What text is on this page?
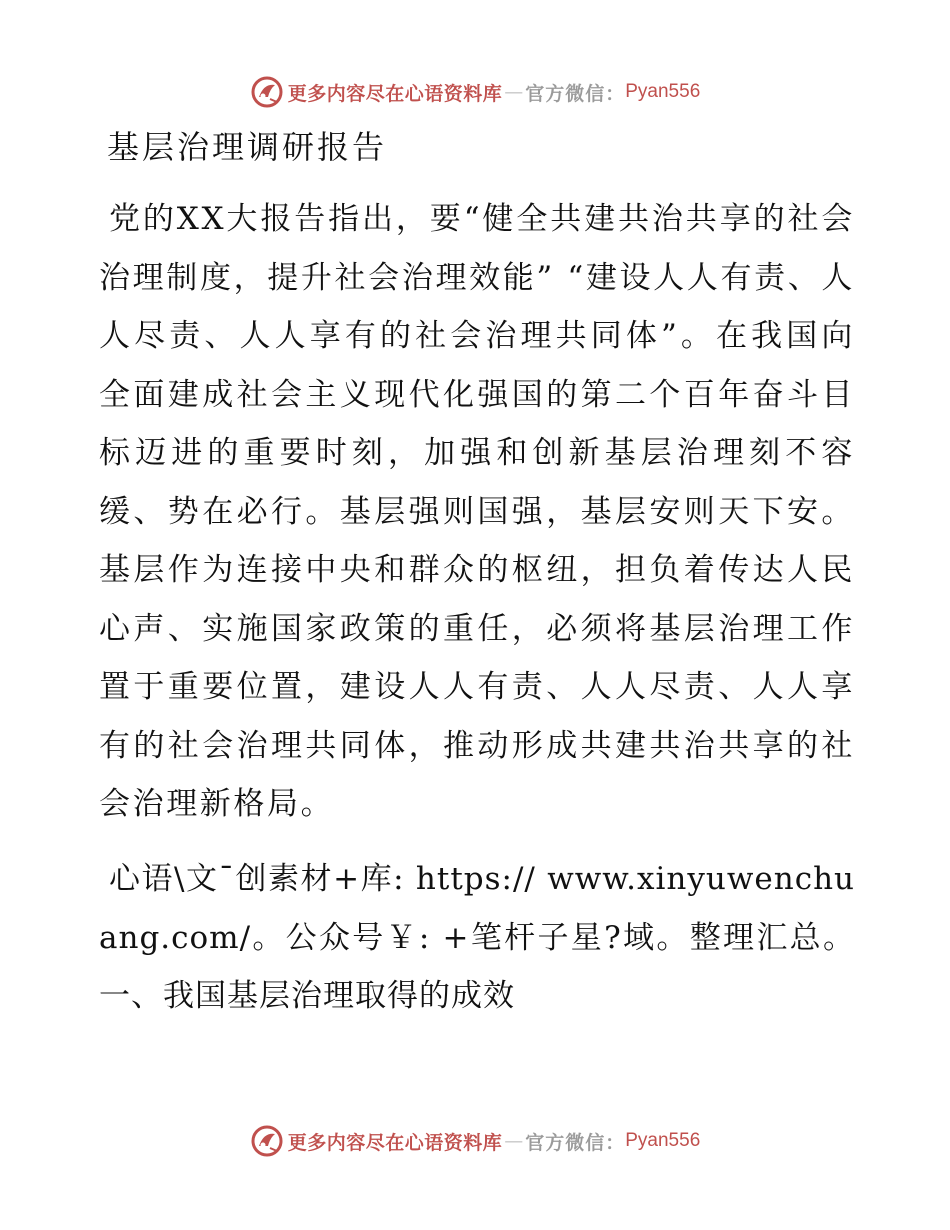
更多内容尽在心语资料库 — 官方微信： Pyan556
基层治理调研报告
党的XX大报告指出，要“健全共建共治共享的社会治理制度，提升社会治理效能” “建设人人有责、人人尽责、人人享有的社会治理共同体”。在我国向全面建成社会主义现代化强国的第二个百年奋斗目标迈进的重要时刻，加强和创新基层治理刻不容缓、势在必行。基层强则国强，基层安则天下安。基层作为连接中央和群众的枢纽，担负着传达人民心声、实施国家政策的重任，必须将基层治理工作置于重要位置，建设人人有责、人人尽责、人人享有的社会治理共同体，推动形成共建共治共享的社会治理新格局。
心语\文¯创素材+库: https:// www.xinyuwenchuang.com/。公众号￥: +笔杆子星?域。整理汇总。一、我国基层治理取得的成效
更多内容尽在心语资料库 — 官方微信： Pyan556
